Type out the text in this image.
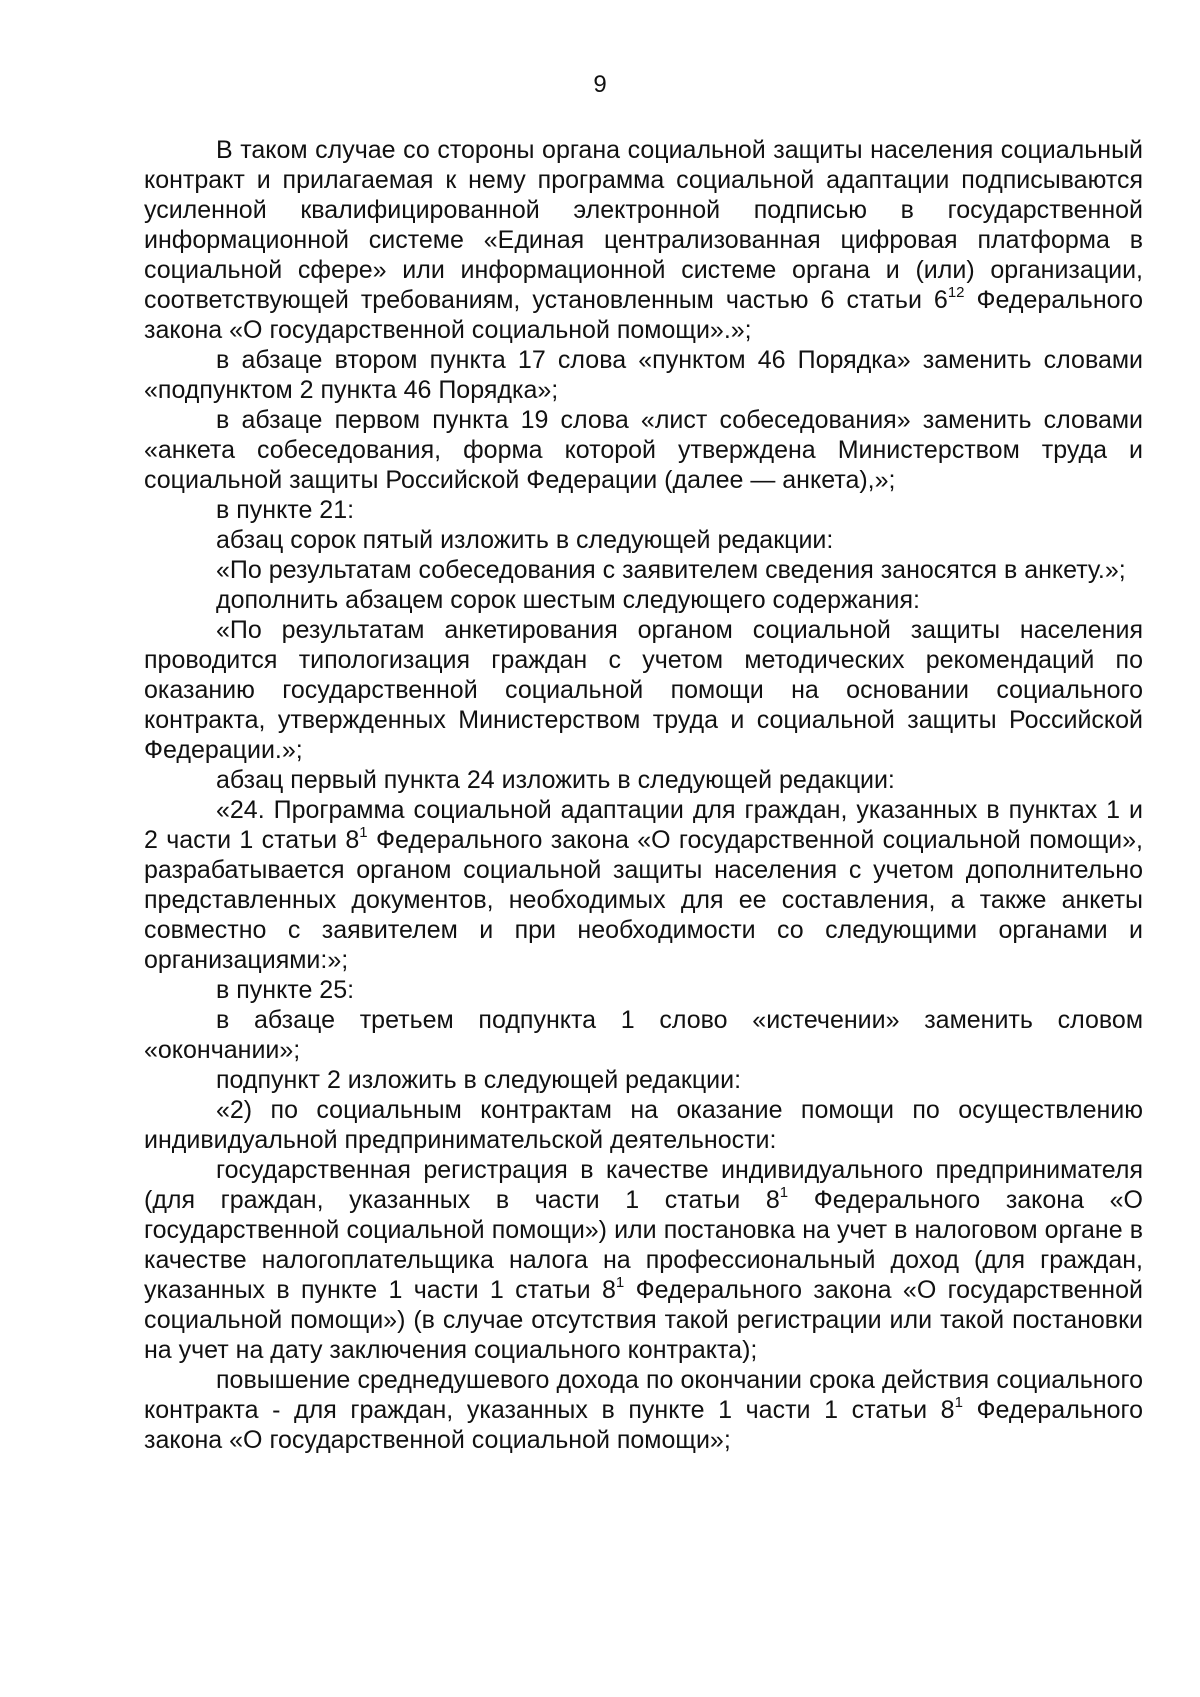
9

В таком случае со стороны органа социальной защиты населения социальный контракт и прилагаемая к нему программа социальной адаптации подписываются усиленной квалифицированной электронной подписью в государственной информационной системе «Единая централизованная цифровая платформа в социальной сфере» или информационной системе органа и (или) организации, соответствующей требованиям, установленным частью 6 статьи $6^{12}$ Федерального закона «О государственной социальной помощи».»;

в абзаце втором пункта 17 слова «пунктом 46 Порядка» заменить словами «подпунктом 2 пункта 46 Порядка»;

в абзаце первом пункта 19 слова «лист собеседования» заменить словами «анкета собеседования, форма которой утверждена Министерством труда и социальной защиты Российской Федерации (далее — анкета),»;

в пункте 21:

абзац сорок пятый изложить в следующей редакции:

«По результатам собеседования с заявителем сведения заносятся в анкету.»;

дополнить абзацем сорок шестым следующего содержания:

«По результатам анкетирования органом социальной защиты населения проводится типологизация граждан с учетом методических рекомендаций по оказанию государственной социальной помощи на основании социального контракта, утвержденных Министерством труда и социальной защиты Российской Федерации.»;

абзац первый пункта 24 изложить в следующей редакции:

«24. Программа социальной адаптации для граждан, указанных в пунктах 1 и 2 части 1 статьи $8^1$ Федерального закона «О государственной социальной помощи», разрабатывается органом социальной защиты населения с учетом дополнительно представленных документов, необходимых для ее составления, а также анкеты совместно с заявителем и при необходимости со следующими органами и организациями:»;

в пункте 25:

в абзаце третьем подпункта 1 слово «истечении» заменить словом «окончании»;

подпункт 2 изложить в следующей редакции:

«2) по социальным контрактам на оказание помощи по осуществлению индивидуальной предпринимательской деятельности:

государственная регистрация в качестве индивидуального предпринимателя (для граждан, указанных в части 1 статьи $8^1$ Федерального закона «О государственной социальной помощи») или постановка на учет в налоговом органе в качестве налогоплательщика налога на профессиональный доход (для граждан, указанных в пункте 1 части 1 статьи $8^1$ Федерального закона «О государственной социальной помощи») (в случае отсутствия такой регистрации или такой постановки на учет на дату заключения социального контракта);

повышение среднедушевого дохода по окончании срока действия социального контракта - для граждан, указанных в пункте 1 части 1 статьи $8^1$ Федерального закона «О государственной социальной помощи»;
